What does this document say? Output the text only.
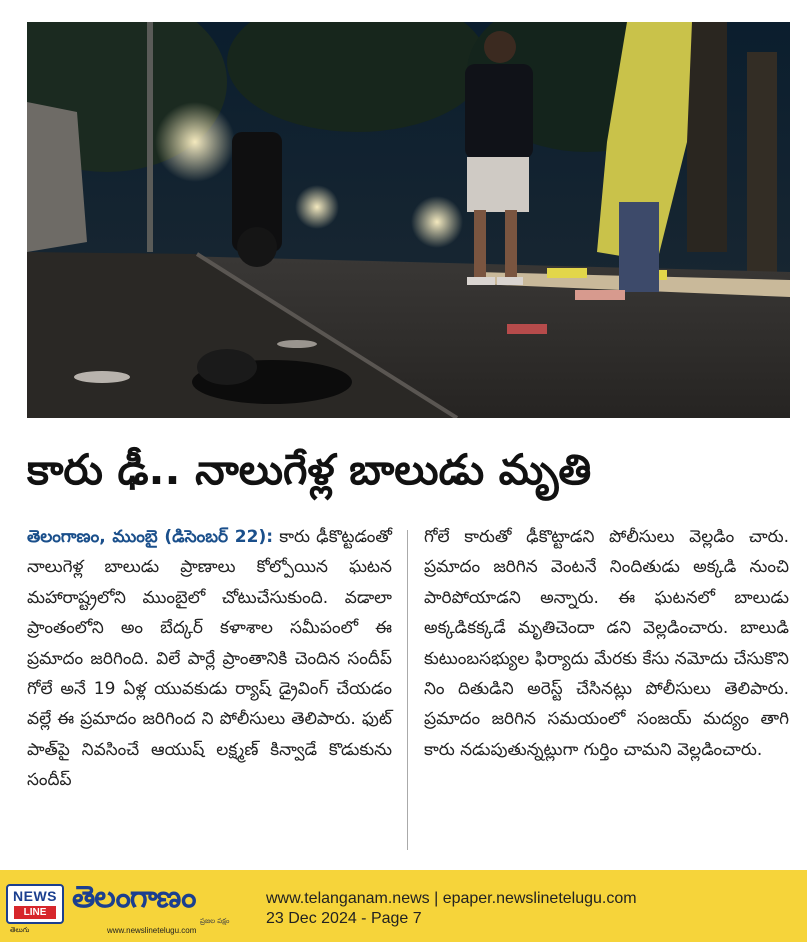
కారు ఢీ.. నాలుగేళ్ల బాలుడు మృతి
తెలంగాణం, ముంబై (డిసెంబర్ 22): కారు ఢీకొట్టడంతో నాలుగెళ్ల బాలుడు ప్రాణాలు కోల్పోయిన ఘటన మహారాష్ట్రలోని ముంబైలో చోటుచేసుకుంది. వడాలా ప్రాంతంలోని అం బేద్కర్ కళాశాల సమీపంలో ఈ ప్రమాదం జరిగింది. విలే పార్లే ప్రాంతానికి చెందిన సందీప్ గోలే అనే 19 ఏళ్ల యువకుడు ర్యాష్ డ్రైవింగ్ చేయడం వల్లే ఈ ప్రమాదం జరిగింద ని పోలీసులు తెలిపారు. ఫుట్ పాత్‌పై నివసించే ఆయుష్ లక్ష్మణ్ కిన్వాడే కొడుకును సందీప్
గోలే కారుతో ఢీకొట్టాడని పోలీసులు వెల్లడిం చారు. ప్రమాదం జరిగిన వెంటనే నిందితుడు అక్కడి నుంచి పారిపోయాడని అన్నారు. ఈ ఘటనలో బాలుడు అక్కడికక్కడే మృతిచెందా డని వెల్లడించారు. బాలుడి కుటుంబసభ్యుల ఫిర్యాదు మేరకు కేసు నమోదు చేసుకొని నిం దితుడిని అరెస్ట్ చేసినట్లు పోలీసులు తెలిపారు. ప్రమాదం జరిగిన సమయంలో సంజయ్ మద్యం తాగి కారు నడుపుతున్నట్లుగా గుర్తిం చామని వెల్లడించారు.
NEWS
LINE
తెలుగు
తెలంగాణం
ప్రజల పక్షం
www.newslinetelugu.com
www.telanganam.news | epaper.newslinetelugu.com
23 Dec 2024 - Page 7
